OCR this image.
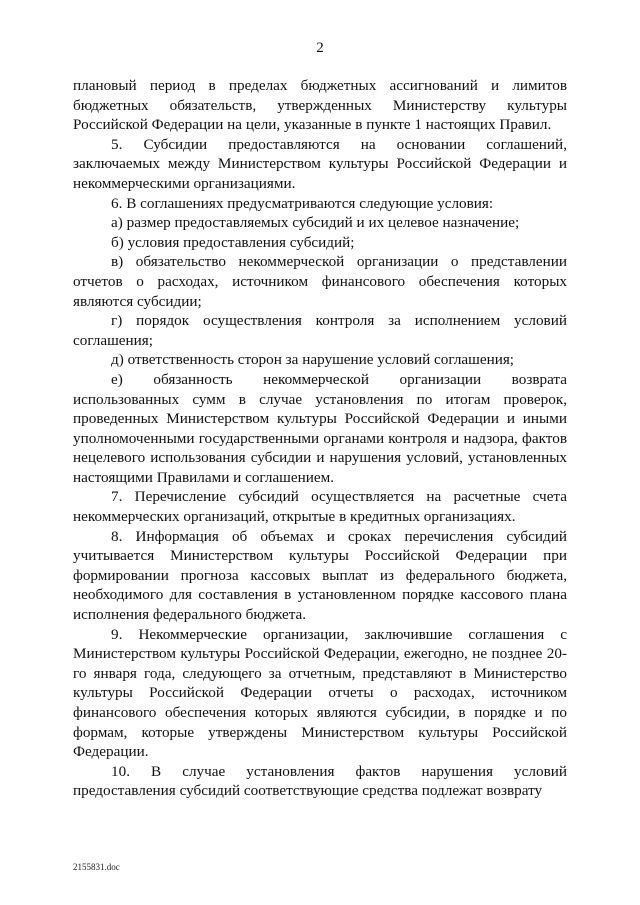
2

плановый период в пределах бюджетных ассигнований и лимитов бюджетных обязательств, утвержденных Министерству культуры Российской Федерации на цели, указанные в пункте 1 настоящих Правил.

5. Субсидии предоставляются на основании соглашений, заключаемых между Министерством культуры Российской Федерации и некоммерческими организациями.

6. В соглашениях предусматриваются следующие условия:

а) размер предоставляемых субсидий и их целевое назначение;

б) условия предоставления субсидий;

в) обязательство некоммерческой организации о представлении отчетов о расходах, источником финансового обеспечения которых являются субсидии;

г) порядок осуществления контроля за исполнением условий соглашения;

д) ответственность сторон за нарушение условий соглашения;

е) обязанность некоммерческой организации возврата использованных сумм в случае установления по итогам проверок, проведенных Министерством культуры Российской Федерации и иными уполномоченными государственными органами контроля и надзора, фактов нецелевого использования субсидии и нарушения условий, установленных настоящими Правилами и соглашением.

7. Перечисление субсидий осуществляется на расчетные счета некоммерческих организаций, открытые в кредитных организациях.

8. Информация об объемах и сроках перечисления субсидий учитывается Министерством культуры Российской Федерации при формировании прогноза кассовых выплат из федерального бюджета, необходимого для составления в установленном порядке кассового плана исполнения федерального бюджета.

9. Некоммерческие организации, заключившие соглашения с Министерством культуры Российской Федерации, ежегодно, не позднее 20-го января года, следующего за отчетным, представляют в Министерство культуры Российской Федерации отчеты о расходах, источником финансового обеспечения которых являются субсидии, в порядке и по формам, которые утверждены Министерством культуры Российской Федерации.

10. В случае установления фактов нарушения условий предоставления субсидий соответствующие средства подлежат возврату

2155831.doc
